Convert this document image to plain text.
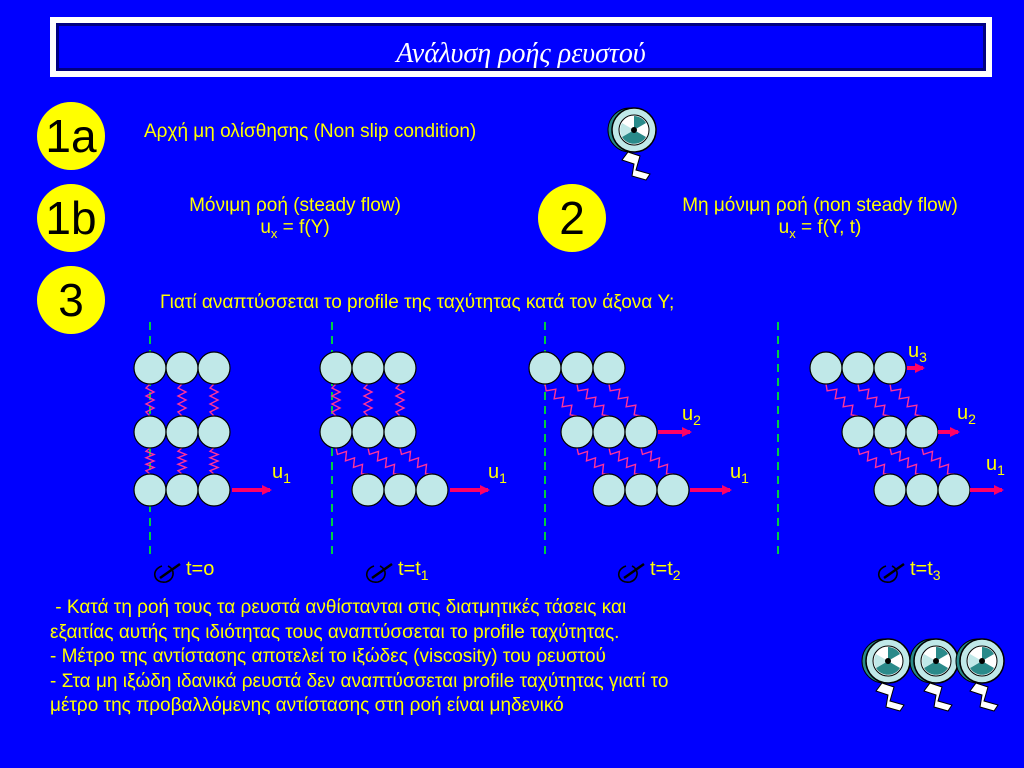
Ανάλυση ροής ρευστού
1a
1b	2
3
Αρχή μη ολίσθησης (Non slip condition)
Μόνιμη ροή (steady flow)
$u_x = f(Y)$
Μη μόνιμη ροή (non steady flow)
$u_x = f(Y$, t)
Γιατί αναπτύσσεται το profile της ταχύτητας κατά τον άξονα Y;
$u_1$	$u_1$
$u_2$
$u_1$
$u_3$
$u_2$
$u_1$
t=o	$t=t_1$	$t=t_2$	$t=t_3$
- Κατά τη ροή τους τα ρευστά ανθίστανται στις διατμητικές τάσεις και
εξαιτίας αυτής της ιδιότητας τους αναπτύσσεται το profile ταχύτητας.
- Μέτρο της αντίστασης αποτελεί το ιξώδες (viscosity) του ρευστού
- Στα μη ιξώδη ιδανικά ρευστά δεν αναπτύσσεται profile ταχύτητας γιατί το
μέτρο της προβαλλόμενης αντίστασης στη ροή είναι μηδενικό
